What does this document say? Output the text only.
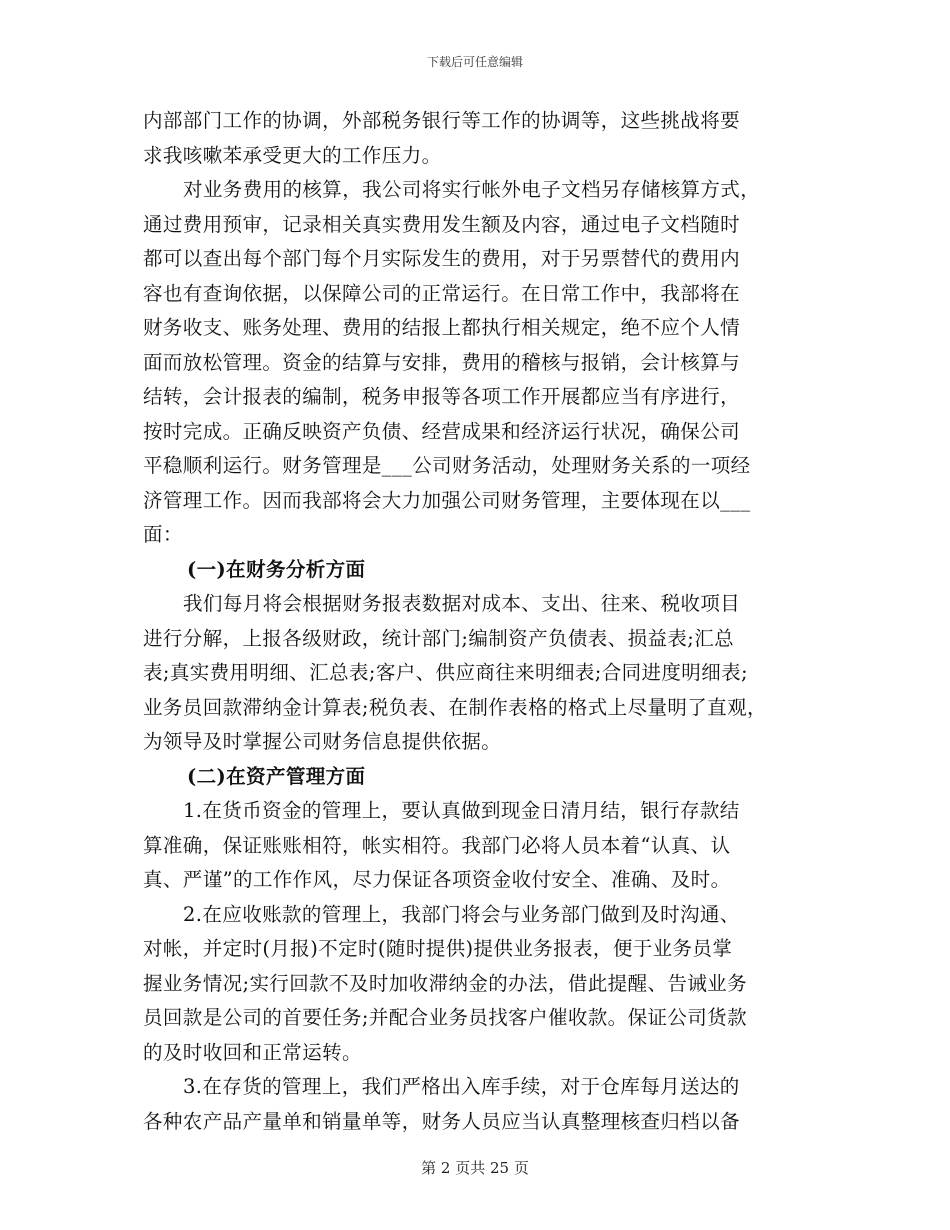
下载后可任意编辑
内部部门工作的协调，外部税务银行等工作的协调等，这些挑战将要
求我咳嗽苯承受更大的工作压力。
对业务费用的核算，我公司将实行帐外电子文档另存储核算方式，
通过费用预审，记录相关真实费用发生额及内容，通过电子文档随时
都可以查出每个部门每个月实际发生的费用，对于另票替代的费用内
容也有查询依据，以保障公司的正常运行。在日常工作中，我部将在
财务收支、账务处理、费用的结报上都执行相关规定，绝不应个人情
面而放松管理。资金的结算与安排，费用的稽核与报销，会计核算与
结转，会计报表的编制，税务申报等各项工作开展都应当有序进行，
按时完成。正确反映资产负债、经营成果和经济运行状况，确保公司
平稳顺利运行。财务管理是___公司财务活动，处理财务关系的一项经
济管理工作。因而我部将会大力加强公司财务管理，主要体现在以___
面：
(一)在财务分析方面
我们每月将会根据财务报表数据对成本、支出、往来、税收项目
进行分解，上报各级财政，统计部门;编制资产负债表、损益表;汇总
表;真实费用明细、汇总表;客户、供应商往来明细表;合同进度明细表;
业务员回款滞纳金计算表;税负表、在制作表格的格式上尽量明了直观，
为领导及时掌握公司财务信息提供依据。
(二)在资产管理方面
1.在货币资金的管理上，要认真做到现金日清月结，银行存款结
算准确，保证账账相符，帐实相符。我部门必将人员本着“认真、认
真、严谨”的工作作风，尽力保证各项资金收付安全、准确、及时。
2.在应收账款的管理上，我部门将会与业务部门做到及时沟通、
对帐，并定时(月报)不定时(随时提供)提供业务报表，便于业务员掌
握业务情况;实行回款不及时加收滞纳金的办法，借此提醒、告诫业务
员回款是公司的首要任务;并配合业务员找客户催收款。保证公司货款
的及时收回和正常运转。
3.在存货的管理上，我们严格出入库手续，对于仓库每月送达的
各种农产品产量单和销量单等，财务人员应当认真整理核查归档以备
第 2 页共 25 页
